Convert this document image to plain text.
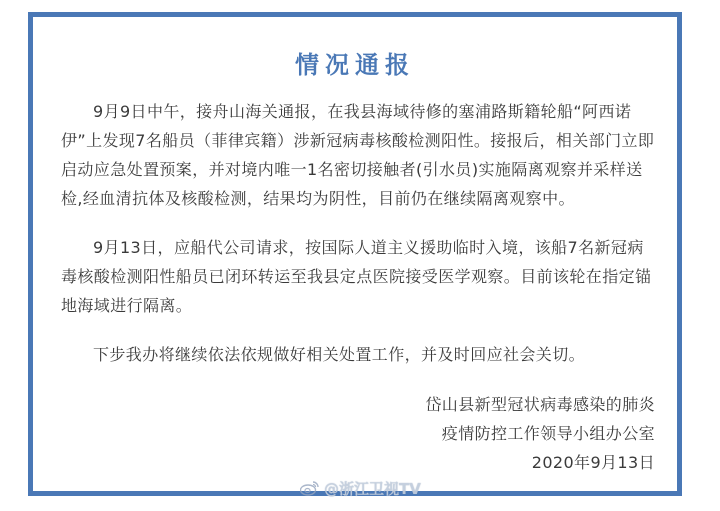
情况通报
9月9日中午，接舟山海关通报，在我县海域待修的塞浦路斯籍轮船“阿西诺伊”上发现7名船员（菲律宾籍）涉新冠病毒核酸检测阳性。接报后，相关部门立即启动应急处置预案，并对境内唯一1名密切接触者(引水员)实施隔离观察并采样送检,经血清抗体及核酸检测，结果均为阴性，目前仍在继续隔离观察中。
9月13日，应船代公司请求，按国际人道主义援助临时入境，该船7名新冠病毒核酸检测阳性船员已闭环转运至我县定点医院接受医学观察。目前该轮在指定锚地海域进行隔离。
下步我办将继续依法依规做好相关处置工作，并及时回应社会关切。
岱山县新型冠状病毒感染的肺炎
疫情防控工作领导小组办公室
2020年9月13日
@浙江卫视TV
